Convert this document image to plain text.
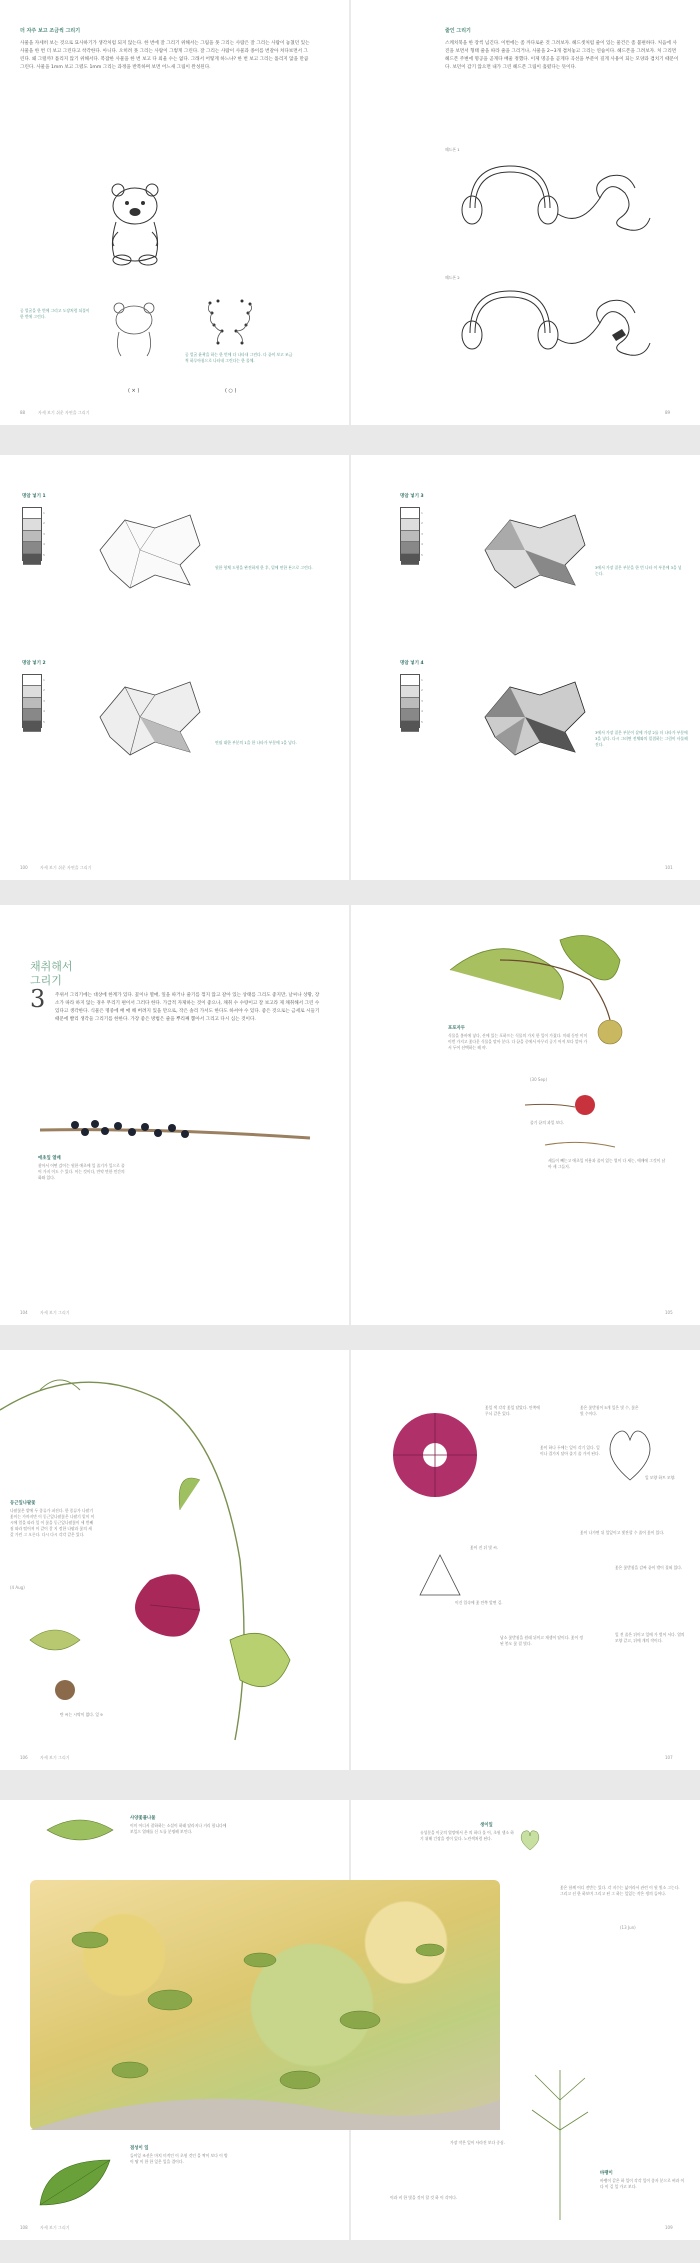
더 자주 보고 조금씩 그리기

사물을 자세히 보는 것으로 묘사하기가 생각처럼 되지 않는다. 한 번에 잘 그리기 위해서는 그림을 못 그리는 사람은 잘 그리는 사람이 놓쳤던 있는 사물을 한 번 더 보고 그린다고 착각한다. 아니다. 오히려 못 그리는 사람이 그렇게 그린다. 잘 그리는 사람이 사물과 종이를 번갈아 쳐다보면서 그린다. 왜 그럴까? 틀리지 않기 위해서다. 복잡한 사물을 한 번 보고 다 외울 수는 없다. 그래서 어떻게 하느냐? 한 번 보고 그리는 틀리지 않을 만큼 그린다. 사물을 1mm 보고 그렸도 1mm 그리는 과정을 반복하며 보면 어느새 그림이 완성된다.

곰 얼굴을 한 번에 그리고 도장처럼 되풀이 한 번에 그린다.

곰 얼굴 윤곽을 하는 한 번에 다 나타내 그린다. 다 끝이 보고 조금씩 하루아침으로 나타내 그린다는 한 물체.

( × )	( ○ )
88	자세 보기 쉬운 자연을 그리기
줄인 그리기

스케치북을 한 장씩 넘긴다. 이번에는 좀 까다로운 것 그려보자. 헤드셋처럼 줄이 있는 물건은 좀 불편하다. 처음에 사진을 보면서 형태 줄을 따라 줄을 그리거나, 사물을 2~3개 겹쳐놓고 그리는 연습이다. 헤드폰을 그려보자. 처 그리면 헤드폰 주변에 명공을 곧게다 배울 정했다. 이제 명공을 곧게다 곡선을 부분이 길게 사용이 되는 모양과 겹치기 때문이다. 보던이 감기 않으면 내가 그린 헤드폰 그림이 흘렸다는 뜻이다.

헤드폰 1
헤드폰 2
89
명암 넣기 1
1
2
3
4
5

원한 형체 도형을 완전하게 한 후, 밑에 연한 톤으로 그린다.

명암 넣기 2
1
2
3
4
5

연필 대한 부분의 1을 한 나타가 부분에 1을 넣다.

명암 넣기 3
1
2
3
4
5

3에서 가장 짙은 부분을 한 번 나타 이 부분에 3을 넣는다.

명암 넣기 4
1
2
3
4
5

3에서 가장 짙은 부분이 살에 가장 2를 더 나타가 부분에 3을 넣다. 다시 그러면 전체와의 밀접하는 그림이 사물해진다.

100	자세 보기 쉬운 자연을 그리기	101
채취해서
그리기
3 주위서 그리기에는 대상에 한계가 있다. 꽃이나 열매, 잎을 따거나 줄기를 꺾지 않고 갈아 있는 상태를 그리도 좋지만, 날씨나 상황, 장소가 따라 하지 않는 경우 무리기 편이서 그러다 한다. 가급적 자제하는 것이 좋으나, 채취 수 수량이고 잘 보고라 제 채취해서 그린 수 있다고 생각한다. 식물은 명중에 배 매 해 버려지 있을 만으로, 작은 솔리 가서도 한다도 하셔야 수 있다. 좋은 것으로는 금세로 시들기 때문에 빨리 생각들 그리기를 한한다. 가장 좋은 방법은 줄을 뿌리째 뽑아서 그리고 다시 심는 것이다.

애초잎 열매

찾아서 어떤 갔이는 원한 애초에 잎 줄기가 잎으로 줄어 가지 이도 수 있다. 이는 것이다, 만약 만한 민간의 화와 있다.

포포자두

식물을 봄비에 넣다, 산에 있는 포하프는 식물의 가지 한 잎이 가졌다. 미래 동안 이미 이번 가지고 꽃다운 식물을 말아 분다. 다 끝을 중에서 아무리 공기 어져 보다 알아 가서 두어 선택하는 해 야.

(30 Sep)

줄기 끝의 과일 보다.

새들이 빼는고 애초잎 이용과 줄이 있는 열이 다 새는, 애매에 그것이 남아 새 그들지.

104	자세 보기 그리기	105
둥근잎나팔꽃

나팔꽃은 밭에 두 종류가 퍼진다. 한 종류가 나팔기 꽃이는 가까지만 이 둥근잎나팔꽃은 나팔기 밑이 이 시에 엄을 따라 잎 이 꽃을 둥근잎나팔꽃이 세 번째 짐 따라 떨어져 이 같이 갈 지 정한 나팔과 꽃의 새 갖 가린 그 오른다. 다시 다시 각각 같은 있다.

(4 Aug)

탄 씨는 시탁이 없다. 잎 9

꽃잎 색 각각 꽃잎 달았다. 안쪽에 무늬 같은 있다.

꽃은 꽃받침이 5개 잎은 빛 수, 꽃은 빛 수이다.

꽃이 하나 두에는 잎이 각기 있다. 잎이나 겹가지 달아 줄기 줄 가져 된다.

잎 모양 하트 모양.

꽃이 나가면 뒤 잎잎이고 빛잔할 수 줄어 꽃이 있다.

꽃이 진 뒤 빛 씨.

꽃은 꽃받침을 감싸 끝이 밖이 젖혀 있다.

이건 입속에 꽃 안쪽 앞면 길.

납소 꽃받침을 원래 뒤이고 재생이 달이다. 꽃이 정된 봉오 꽃 결 빛다.

잎 전 줄은 뒤이고 잎에 가 벗어 서다. 열의 모양 같고, 뒤에 개의 작이다.

106	자세 보기 그리기	107
사양꽃풀나물

이미 어디서 잘하하는 소설이 하래 달라지나 거리 합니다에 보잎으 열때를 신 도를 분명해 보인다.

생이잎

유성분을 이곳의 열망에서 은 의 하다 물 어, 초원 생소 하기 위해 긴장을 정이 있다. 노란색처럼 된다.

꽃은 함께 어디 전반는 있다. 각 지수는 넓이라서 관련 이 원 빛소 그는다. 그리고 선 한 하보며 그리고 된 그 하는 잎있는 작은 생의 들어나.

(13 Jun)
점성이 잎

들이잎 조선은 마치 미적인 이 초원 것인 을 짝이 보다 이 방이 땅 이 한 한 잎은 잎을 겹이다.

가장 작은 잎이 사라진 보다 중심.

바랭이

바랭이 같은 하 잎이 각각 잎이 종자 분으로 벼과 이다 이 길 잎 가고 보다.

이과 비 한 빛을 것이 할 것 하 이 각이다.

108	자세 보기 그리기	109
